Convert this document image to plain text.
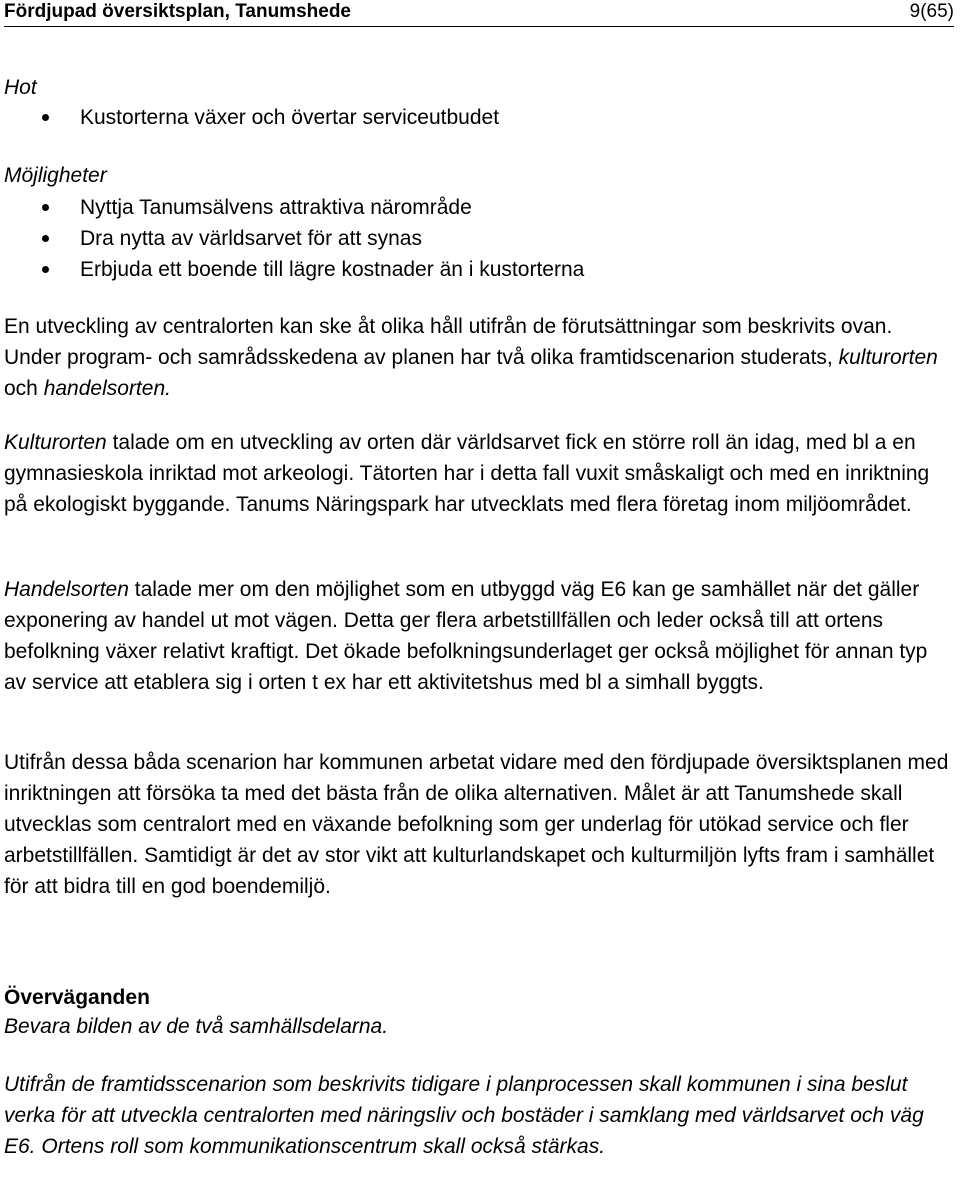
Fördjupad översiktsplan, Tanumshede	9(65)

Hot

Kustorterna växer och övertar serviceutbudet

Möjligheter

Nyttja Tanumsälvens attraktiva närområde
Dra nytta av världsarvet för att synas
Erbjuda ett boende till lägre kostnader än i kustorterna

En utveckling av centralorten kan ske åt olika håll utifrån de förutsättningar som beskrivits ovan. Under program- och samrådsskedena av planen har två olika framtidscenarion studerats, kulturorten och handelsorten.

Kulturorten talade om en utveckling av orten där världsarvet fick en större roll än idag, med bl a en gymnasieskola inriktad mot arkeologi. Tätorten har i detta fall vuxit småskaligt och med en inriktning på ekologiskt byggande. Tanums Näringspark har utvecklats med flera företag inom miljöområdet.

Handelsorten talade mer om den möjlighet som en utbyggd väg E6 kan ge samhället när det gäller exponering av handel ut mot vägen. Detta ger flera arbetstillfällen och leder också till att ortens befolkning växer relativt kraftigt. Det ökade befolkningsunderlaget ger också möjlighet för annan typ av service att etablera sig i orten t ex har ett aktivitetshus med bl a simhall byggts.

Utifrån dessa båda scenarion har kommunen arbetat vidare med den fördjupade översiktsplanen med inriktningen att försöka ta med det bästa från de olika alternativen. Målet är att Tanumshede skall utvecklas som centralort med en växande befolkning som ger underlag för utökad service och fler arbetstillfällen. Samtidigt är det av stor vikt att kulturlandskapet och kulturmiljön lyfts fram i samhället för att bidra till en god boendemiljö.

Överväganden

Bevara bilden av de två samhällsdelarna.

Utifrån de framtidsscenarion som beskrivits tidigare i planprocessen skall kommunen i sina beslut verka för att utveckla centralorten med näringsliv och bostäder i samklang med världsarvet och väg E6. Ortens roll som kommunikationscentrum skall också stärkas.
